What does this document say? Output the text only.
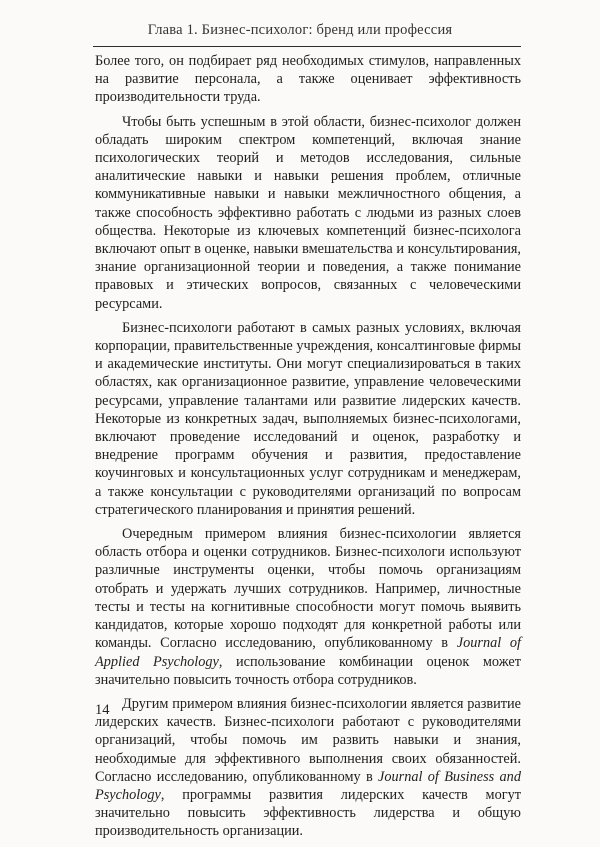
Глава 1. Бизнес-психолог: бренд или профессия

Более того, он подбирает ряд необходимых стимулов, направленных на развитие персонала, а также оценивает эффективность производительности труда.

Чтобы быть успешным в этой области, бизнес-психолог должен обладать широким спектром компетенций, включая знание психологических теорий и методов исследования, сильные аналитические навыки и навыки решения проблем, отличные коммуникативные навыки и навыки межличностного общения, а также способность эффективно работать с людьми из разных слоев общества. Некоторые из ключевых компетенций бизнес-психолога включают опыт в оценке, навыки вмешательства и консультирования, знание организационной теории и поведения, а также понимание правовых и этических вопросов, связанных с человеческими ресурсами.

Бизнес-психологи работают в самых разных условиях, включая корпорации, правительственные учреждения, консалтинговые фирмы и академические институты. Они могут специализироваться в таких областях, как организационное развитие, управление человеческими ресурсами, управление талантами или развитие лидерских качеств. Некоторые из конкретных задач, выполняемых бизнес-психологами, включают проведение исследований и оценок, разработку и внедрение программ обучения и развития, предоставление коучинговых и консультационных услуг сотрудникам и менеджерам, а также консультации с руководителями организаций по вопросам стратегического планирования и принятия решений.

Очередным примером влияния бизнес-психологии является область отбора и оценки сотрудников. Бизнес-психологи используют различные инструменты оценки, чтобы помочь организациям отобрать и удержать лучших сотрудников. Например, личностные тесты и тесты на когнитивные способности могут помочь выявить кандидатов, которые хорошо подходят для конкретной работы или команды. Согласно исследованию, опубликованному в Journal of Applied Psychology, использование комбинации оценок может значительно повысить точность отбора сотрудников.

Другим примером влияния бизнес-психологии является развитие лидерских качеств. Бизнес-психологи работают с руководителями организаций, чтобы помочь им развить навыки и знания, необходимые для эффективного выполнения своих обязанностей. Согласно исследованию, опубликованному в Journal of Business and Psychology, программы развития лидерских качеств могут значительно повысить эффективность лидерства и общую производительность организации.

14
